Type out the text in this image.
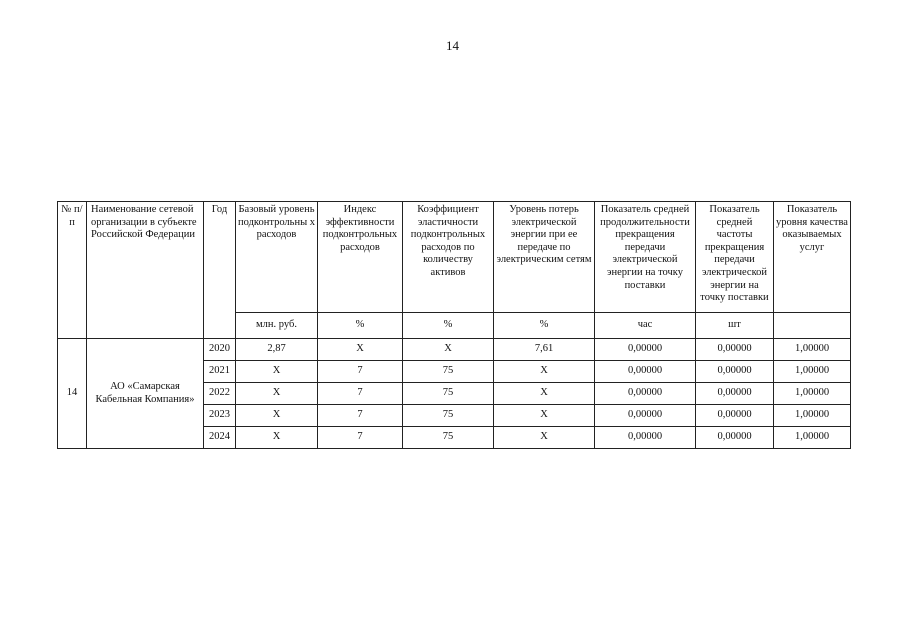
14
№ п/п	Наименование сетевой организации в субъекте Российской Федерации	Год	Базовый уровень подконтрольны х расходов	Индекс эффективности подконтрольных расходов	Коэффициент эластичности подконтрольных расходов по количеству активов	Уровень потерь электрической энергии при ее передаче по электрическим сетям	Показатель средней продолжительности прекращения передачи электрической энергии на точку поставки	Показатель средней частоты прекращения передачи электрической энергии на точку поставки	Показатель уровня качества оказываемых услуг
			млн. руб.	%	%	%	час	шт	
14	АО «Самарская Кабельная Компания»	2020	2,87	X	X	7,61	0,00000	0,00000	1,00000
		2021	X	7	75	X	0,00000	0,00000	1,00000
		2022	X	7	75	X	0,00000	0,00000	1,00000
		2023	X	7	75	X	0,00000	0,00000	1,00000
		2024	X	7	75	X	0,00000	0,00000	1,00000
